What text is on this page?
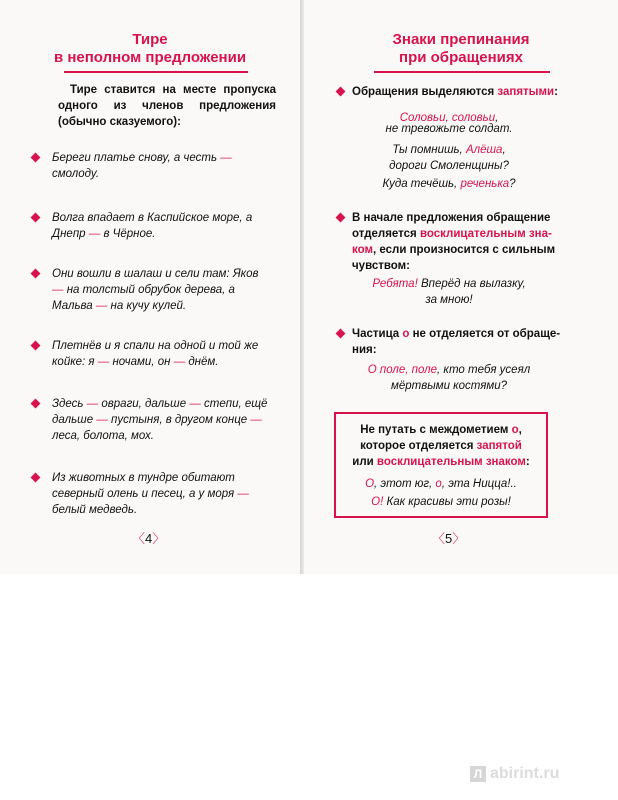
Тире
в неполном предложении
Тире ставится на месте пропуска одного из членов предложения (обычно сказуемого):
Береги платье снову, а честь — смолоду.
Волга впадает в Каспийское море, а Днепр — в Чёрное.
Они вошли в шалаш и сели там: Яков — на толстый обрубок дерева, а Мальва — на кучу кулей.
Плетнёв и я спали на одной и той же койке: я — ночами, он — днём.
Здесь — овраги, дальше — степи, ещё дальше — пустыня, в другом конце — леса, болота, мох.
Из животных в тундре обитают северный олень и песец, а у моря — белый медведь.
〈4〉
Знаки препинания
при обращениях
Обращения выделяются запятыми:
Соловьи, соловьи,
не тревожьте солдат.
Ты помнишь, Алёша,
дороги Смоленщины?
Куда течёшь, реченька?
В начале предложения обращение
отделяется восклицательным зна-
ком, если произносится с сильным
чувством:
Ребята! Вперёд на вылазку,
за мною!
Частица о не отделяется от обраще-
ния:
О поле, поле, кто тебя усеял
мёртвыми костями?
Не путать с междометием о,
которое отделяется запятой
или восклицательным знаком:
О, этот юг, о, эта Ницца!..
О! Как красивы эти розы!
〈5〉
Л abirint.ru
